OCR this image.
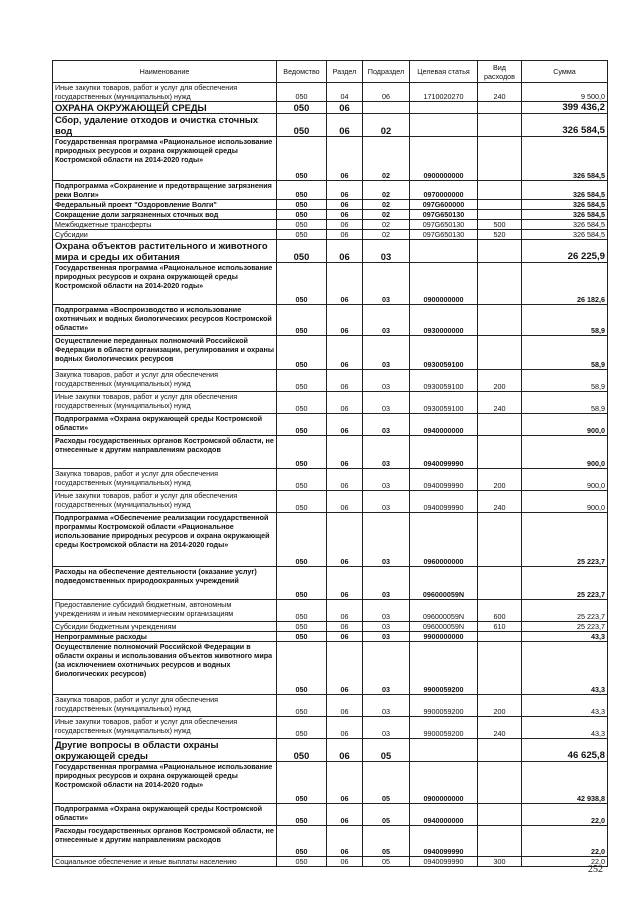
Наименование	Ведомство	Раздел	Подраздел	Целевая статья	Вид расходов	Сумма
Иные закупки товаров, работ и услуг для обеспечения государственных (муниципальных) нужд	050	04	06	1710020270	240	9 500,0
ОХРАНА ОКРУЖАЮЩЕЙ СРЕДЫ	050	06				399 436,2
Сбор, удаление отходов и очистка сточных вод	050	06	02			326 584,5
Государственная программа «Рациональное использование природных ресурсов и охрана окружающей среды Костромской области на 2014-2020 годы»	050	06	02	0900000000		326 584,5
Подпрограмма «Сохранение и предотвращение загрязнения реки Волги»	050	06	02	0970000000		326 584,5
Федеральный проект "Оздоровление Волги"	050	06	02	097G600000		326 584,5
Сокращение доли загрязненных сточных вод	050	06	02	097G650130		326 584,5
Межбюджетные трансферты	050	06	02	097G650130	500	326 584,5
Субсидии	050	06	02	097G650130	520	326 584,5
Охрана объектов растительного и животного мира и среды их обитания	050	06	03			26 225,9
Государственная программа «Рациональное использование природных ресурсов и охрана окружающей среды Костромской области на 2014-2020 годы»	050	06	03	0900000000		26 182,6
Подпрограмма «Воспроизводство и использование охотничьих и водных биологических ресурсов Костромской области»	050	06	03	0930000000		58,9
Осуществление переданных полномочий Российской Федерации в области организации, регулирования и охраны водных биологических ресурсов	050	06	03	0930059100		58,9
Закупка товаров, работ и услуг для обеспечения государственных (муниципальных) нужд	050	06	03	0930059100	200	58,9
Иные закупки товаров, работ и услуг для обеспечения государственных (муниципальных) нужд	050	06	03	0930059100	240	58,9
Подпрограмма «Охрана окружающей среды Костромской области»	050	06	03	0940000000		900,0
Расходы государственных органов Костромской области, не отнесенные к другим направлениям расходов	050	06	03	0940099990		900,0
Закупка товаров, работ и услуг для обеспечения государственных (муниципальных) нужд	050	06	03	0940099990	200	900,0
Иные закупки товаров, работ и услуг для обеспечения государственных (муниципальных) нужд	050	06	03	0940099990	240	900,0
Подпрограмма «Обеспечение реализации государственной программы Костромской области «Рациональное использование природных ресурсов и охрана окружающей среды Костромской области на 2014-2020 годы»	050	06	03	0960000000		25 223,7
Расходы на обеспечение деятельности (оказание услуг) подведомственных природоохранных учреждений	050	06	03	096000059N		25 223,7
Предоставление субсидий бюджетным, автономным учреждениям и иным некоммерческим организациям	050	06	03	096000059N	600	25 223,7
Субсидии бюджетным учреждениям	050	06	03	096000059N	610	25 223,7
Непрограммные расходы	050	06	03	9900000000		43,3
Осуществление полномочий Российской Федерации в области охраны и использования объектов животного мира (за исключением охотничьих ресурсов и водных биологических ресурсов)	050	06	03	9900059200		43,3
Закупка товаров, работ и услуг для обеспечения государственных (муниципальных) нужд	050	06	03	9900059200	200	43,3
Иные закупки товаров, работ и услуг для обеспечения государственных (муниципальных) нужд	050	06	03	9900059200	240	43,3
Другие вопросы в области охраны окружающей среды	050	06	05			46 625,8
Государственная программа «Рациональное использование природных ресурсов и охрана окружающей среды Костромской области на 2014-2020 годы»	050	06	05	0900000000		42 938,8
Подпрограмма «Охрана окружающей среды Костромской области»	050	06	05	0940000000		22,0
Расходы государственных органов Костромской области, не отнесенные к другим направлениям расходов	050	06	05	0940099990		22,0
Социальное обеспечение и иные выплаты населению	050	06	05	0940099990	300	22,0
252
